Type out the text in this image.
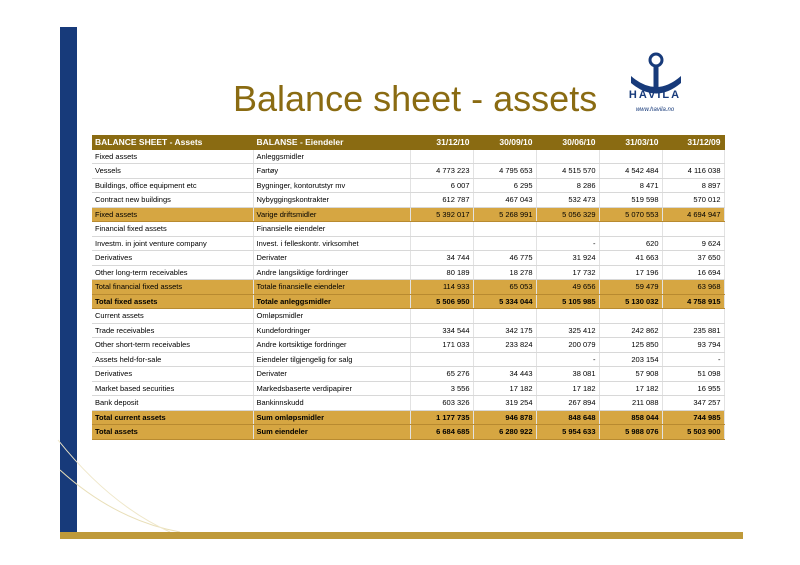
Balance sheet - assets	HAVILA
www.havila.no
BALANCE SHEET - Assets	BALANSE - Eiendeler	31/12/10	30/09/10	30/06/10	31/03/10	31/12/09
Fixed assets	Anleggsmidler					
Vessels	Fartøy	4 773 223	4 795 653	4 515 570	4 542 484	4 116 038
Buildings, office equipment etc	Bygninger, kontorutstyr mv	6 007	6 295	8 286	8 471	8 897
Contract new buildings	Nybyggingskontrakter	612 787	467 043	532 473	519 598	570 012
Fixed assets	Varige driftsmidler	5 392 017	5 268 991	5 056 329	5 070 553	4 694 947
Financial fixed assets	Finansielle eiendeler					
Investm. in joint venture company	Invest. i felleskontr. virksomhet			-	620	9 624
Derivatives	Derivater	34 744	46 775	31 924	41 663	37 650
Other long-term receivables	Andre langsiktige fordringer	80 189	18 278	17 732	17 196	16 694
Total financial fixed assets	Totale finansielle eiendeler	114 933	65 053	49 656	59 479	63 968
Total fixed assets	Totale anleggsmidler	5 506 950	5 334 044	5 105 985	5 130 032	4 758 915
Current assets	Omløpsmidler					
Trade receivables	Kundefordringer	334 544	342 175	325 412	242 862	235 881
Other short-term receivables	Andre kortsiktige fordringer	171 033	233 824	200 079	125 850	93 794
Assets held-for-sale	Eiendeler tilgjengelig for salg			-	203 154	-
Derivatives	Derivater	65 276	34 443	38 081	57 908	51 098
Market based securities	Markedsbaserte verdipapirer	3 556	17 182	17 182	17 182	16 955
Bank deposit	Bankinnskudd	603 326	319 254	267 894	211 088	347 257
Total current assets	Sum omløpsmidler	1 177 735	946 878	848 648	858 044	744 985
Total assets	Sum eiendeler	6 684 685	6 280 922	5 954 633	5 988 076	5 503 900
